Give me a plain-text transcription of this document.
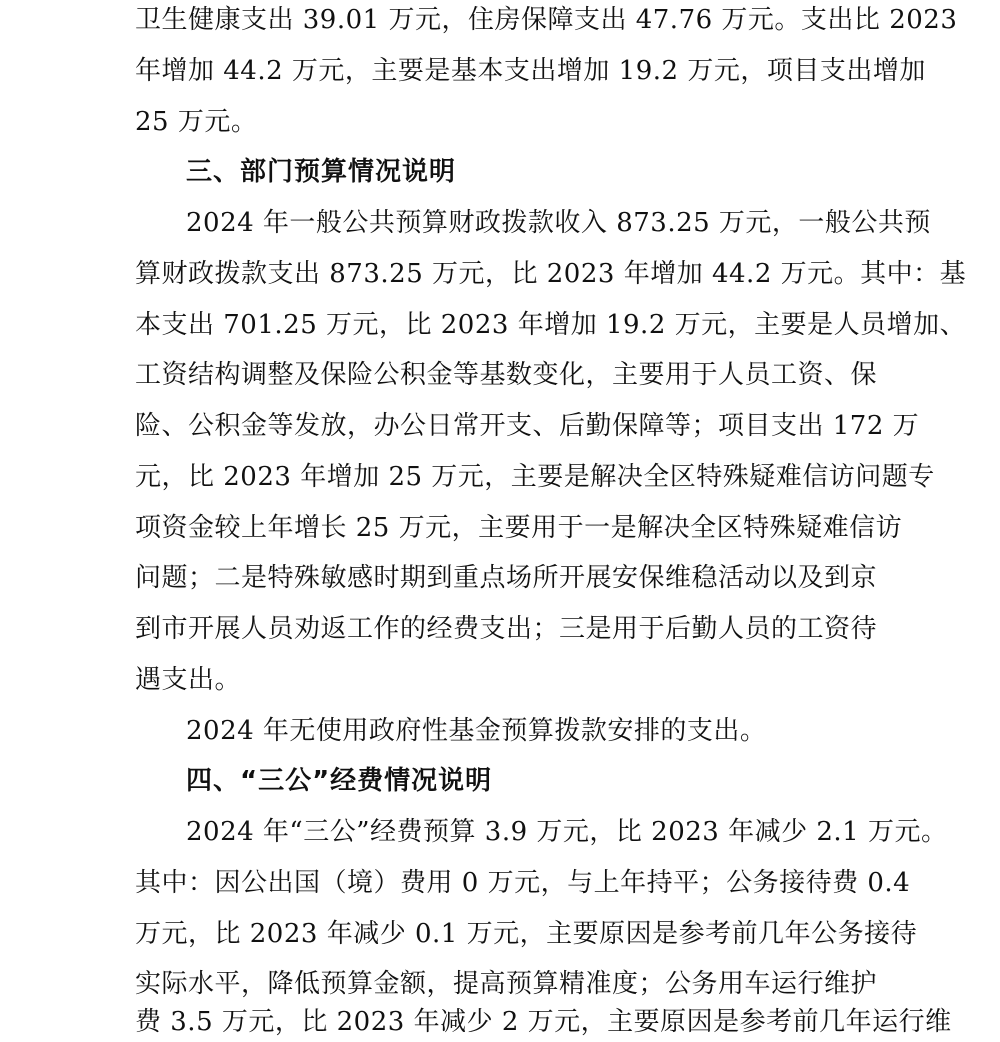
卫生健康支出 39.01 万元，住房保障支出 47.76 万元。支出比 2023
年增加 44.2 万元，主要是基本支出增加 19.2 万元，项目支出增加
25 万元。
三、部门预算情况说明
2024 年一般公共预算财政拨款收入 873.25 万元，一般公共预
算财政拨款支出 873.25 万元，比 2023 年增加 44.2 万元。其中：基
本支出 701.25 万元，比 2023 年增加 19.2 万元，主要是人员增加、
工资结构调整及保险公积金等基数变化，主要用于人员工资、保
险、公积金等发放，办公日常开支、后勤保障等；项目支出 172 万
元，比 2023 年增加 25 万元，主要是解决全区特殊疑难信访问题专
项资金较上年增长 25 万元，主要用于一是解决全区特殊疑难信访
问题；二是特殊敏感时期到重点场所开展安保维稳活动以及到京
到市开展人员劝返工作的经费支出；三是用于后勤人员的工资待
遇支出。
2024 年无使用政府性基金预算拨款安排的支出。
四、“三公”经费情况说明
2024 年“三公”经费预算 3.9 万元，比 2023 年减少 2.1 万元。
其中：因公出国（境）费用 0 万元，与上年持平；公务接待费 0.4
万元，比 2023 年减少 0.1 万元，主要原因是参考前几年公务接待
实际水平，降低预算金额，提高预算精准度；公务用车运行维护
费 3.5 万元，比 2023 年减少 2 万元，主要原因是参考前几年运行维
